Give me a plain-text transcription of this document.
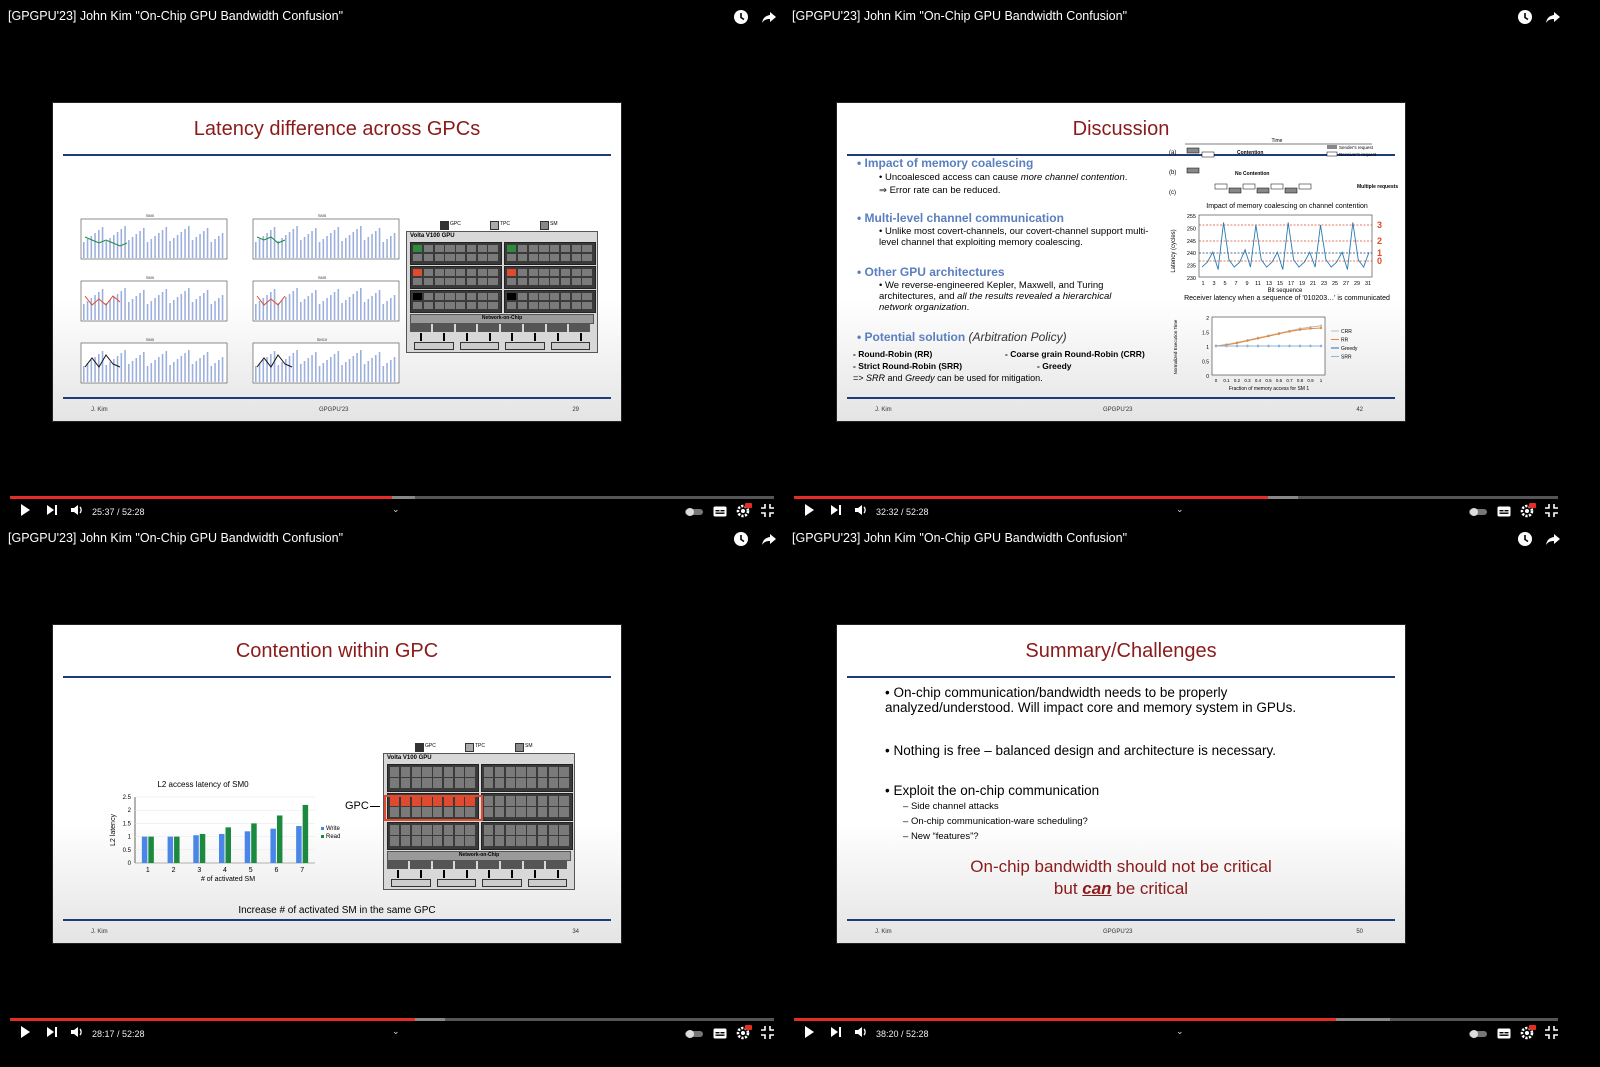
[GPGPU'23] John Kim "On-Chip GPU Bandwidth Confusion"
Latency difference across GPCs
J. Kim	GPGPU'23	29
SM0	SM5
SM0	SM5
SM0	SM10
GPC	TPC	SM
Volta V100 GPU
Network-on-Chip
25:37 / 52:28	⌄
[GPGPU'23] John Kim "On-Chip GPU Bandwidth Confusion"
Discussion
J. Kim	GPGPU'23	42
• Impact of memory coalescing
• Uncoalesced access can cause more channel contention.
⇒ Error rate can be reduced.
• Multi-level channel communication
• Unlike most covert-channels, our covert-channel support multi-level channel that exploiting memory coalescing.
• Other GPU architectures
• We reverse-engineered Kepler, Maxwell, and Turing architectures, and all the results revealed a hierarchical network organization.
• Potential solution (Arbitration Policy)
- Round-Robin (RR)	- Coarse grain Round-Robin (CRR)
- Strict Round-Robin (SRR)	- Greedy
=> SRR and Greedy can be used for mitigation.
Time
(a)
(b)
(c)
Contention
No Contention
Multiple requests
Sender's request
Receiver's request
Impact of memory coalescing on channel contention
Latency (cycles)
255
250
245
240
235
230
1 3 5 7 9 11 13 15 17 19 21 23 25 27 29 31
Bit sequence
Receiver latency when a sequence of '010203…' is communicated
3
2
1
0
Normalized Execution Time
2
1.5
1
0.5
0
0 0.1 0.2 0.3 0.4 0.5 0.6 0.7 0.8 0.9 1
Fraction of memory access for SM 1
CRR
RR
Greedy
SRR
32:32 / 52:28	⌄
[GPGPU'23] John Kim "On-Chip GPU Bandwidth Confusion"
Contention within GPC
J. Kim	34
L2 access latency of SM0
0
0.5
1
1.5
2
2.5
L2 latency
1	2	3	4	5	6	7
# of activated SM
Write
Read
GPC	TPC	SM
GPC
Volta V100 GPU
Network-on-Chip
Increase # of activated SM in the same GPC
28:17 / 52:28	⌄
[GPGPU'23] John Kim "On-Chip GPU Bandwidth Confusion"
Summary/Challenges
J. Kim	GPGPU'23	50
• On-chip communication/bandwidth needs to be properly analyzed/understood. Will impact core and memory system in GPUs.
• Nothing is free – balanced design and architecture is necessary.
• Exploit the on-chip communication
– Side channel attacks
– On-chip communication-ware scheduling?
– New “features”?
On-chip bandwidth should not be critical
but can be critical
38:20 / 52:28	⌄
